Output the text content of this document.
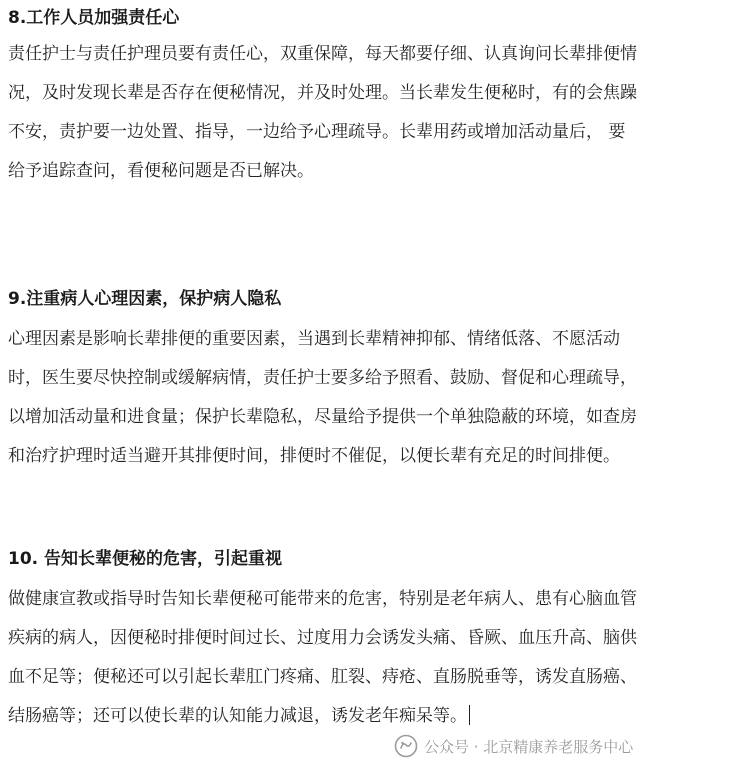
8.工作人员加强责任心
责任护士与责任护理员要有责任心，双重保障，每天都要仔细、认真询问长辈排便情
况，及时发现长辈是否存在便秘情况，并及时处理。当长辈发生便秘时，有的会焦躁
不安，责护要一边处置、指导，一边给予心理疏导。长辈用药或增加活动量后， 要
给予追踪查问，看便秘问题是否已解决。
9.注重病人心理因素，保护病人隐私
心理因素是影响长辈排便的重要因素，当遇到长辈精神抑郁、情绪低落、不愿活动
时，医生要尽快控制或缓解病情，责任护士要多给予照看、鼓励、督促和心理疏导，
以增加活动量和进食量；保护长辈隐私，尽量给予提供一个单独隐蔽的环境，如查房
和治疗护理时适当避开其排便时间，排便时不催促，以便长辈有充足的时间排便。
10. 告知长辈便秘的危害，引起重视
做健康宣教或指导时告知长辈便秘可能带来的危害，特别是老年病人、患有心脑血管
疾病的病人，因便秘时排便时间过长、过度用力会诱发头痛、昏厥、血压升高、脑供
血不足等；便秘还可以引起长辈肛门疼痛、肛裂、痔疮、直肠脱垂等，诱发直肠癌、
结肠癌等；还可以使长辈的认知能力减退，诱发老年痴呆等。
公众号 · 北京精康养老服务中心
